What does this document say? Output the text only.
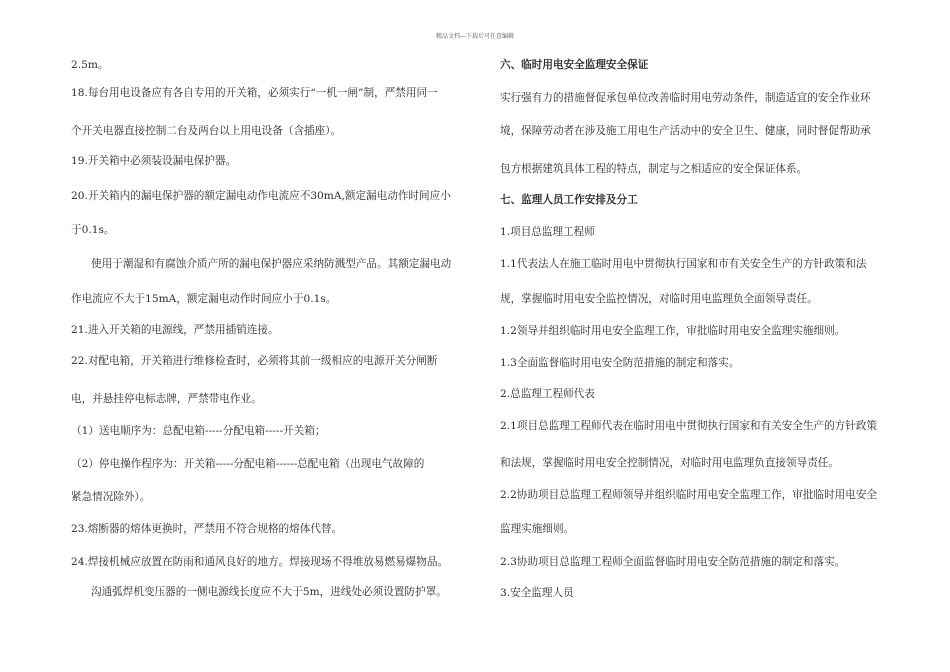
精品文档---下载后可任意编辑
2.5m。
18.每台用电设备应有各自专用的开关箱，必须实行“一机一闸”制，严禁用同一
个开关电器直接控制二台及两台以上用电设备（含插座）。
19.开关箱中必须装设漏电保护器。
20.开关箱内的漏电保护器的额定漏电动作电流应不30mA,额定漏电动作时间应小
于0.1s。
使用于潮湿和有腐蚀介质产所的漏电保护器应采纳防溅型产品。其额定漏电动
作电流应不大于15mA，额定漏电动作时间应小于0.1s。
21.进入开关箱的电源线，严禁用插销连接。
22.对配电箱，开关箱进行维修检查时，必须将其前一级相应的电源开关分闸断
电，并悬挂停电标志牌，严禁带电作业。
（1）送电顺序为：总配电箱-----分配电箱-----开关箱；
（2）停电操作程序为：开关箱-----分配电箱------总配电箱（出现电气故障的
紧急情况除外）。
23.熔断器的熔体更换时，严禁用不符合规格的熔体代替。
24.焊接机械应放置在防雨和通风良好的地方。焊接现场不得堆放易燃易爆物品。
沟通弧焊机变压器的一侧电源线长度应不大于5m，进线处必须设置防护罩。
六、临时用电安全监理安全保证
实行强有力的措施督促承包单位改善临时用电劳动条件，制造适宜的安全作业环
境，保障劳动者在涉及施工用电生产活动中的安全卫生、健康，同时督促帮助承
包方根据建筑具体工程的特点，制定与之相适应的安全保证体系。
七、监理人员工作安排及分工
1.项目总监理工程师
1.1代表法人在施工临时用电中贯彻执行国家和市有关安全生产的方针政策和法
规，掌握临时用电安全监控情况，对临时用电监理负全面领导责任。
1.2领导并组织临时用电安全监理工作，审批临时用电安全监理实施细则。
1.3全面监督临时用电安全防范措施的制定和落实。
2.总监理工程师代表
2.1项目总监理工程师代表在临时用电中贯彻执行国家和有关安全生产的方针政策
和法规，掌握临时用电安全控制情况，对临时用电监理负直接领导责任。
2.2协助项目总监理工程师领导并组织临时用电安全监理工作，审批临时用电安全
监理实施细则。
2.3协助项目总监理工程师全面监督临时用电安全防范措施的制定和落实。
3.安全监理人员
